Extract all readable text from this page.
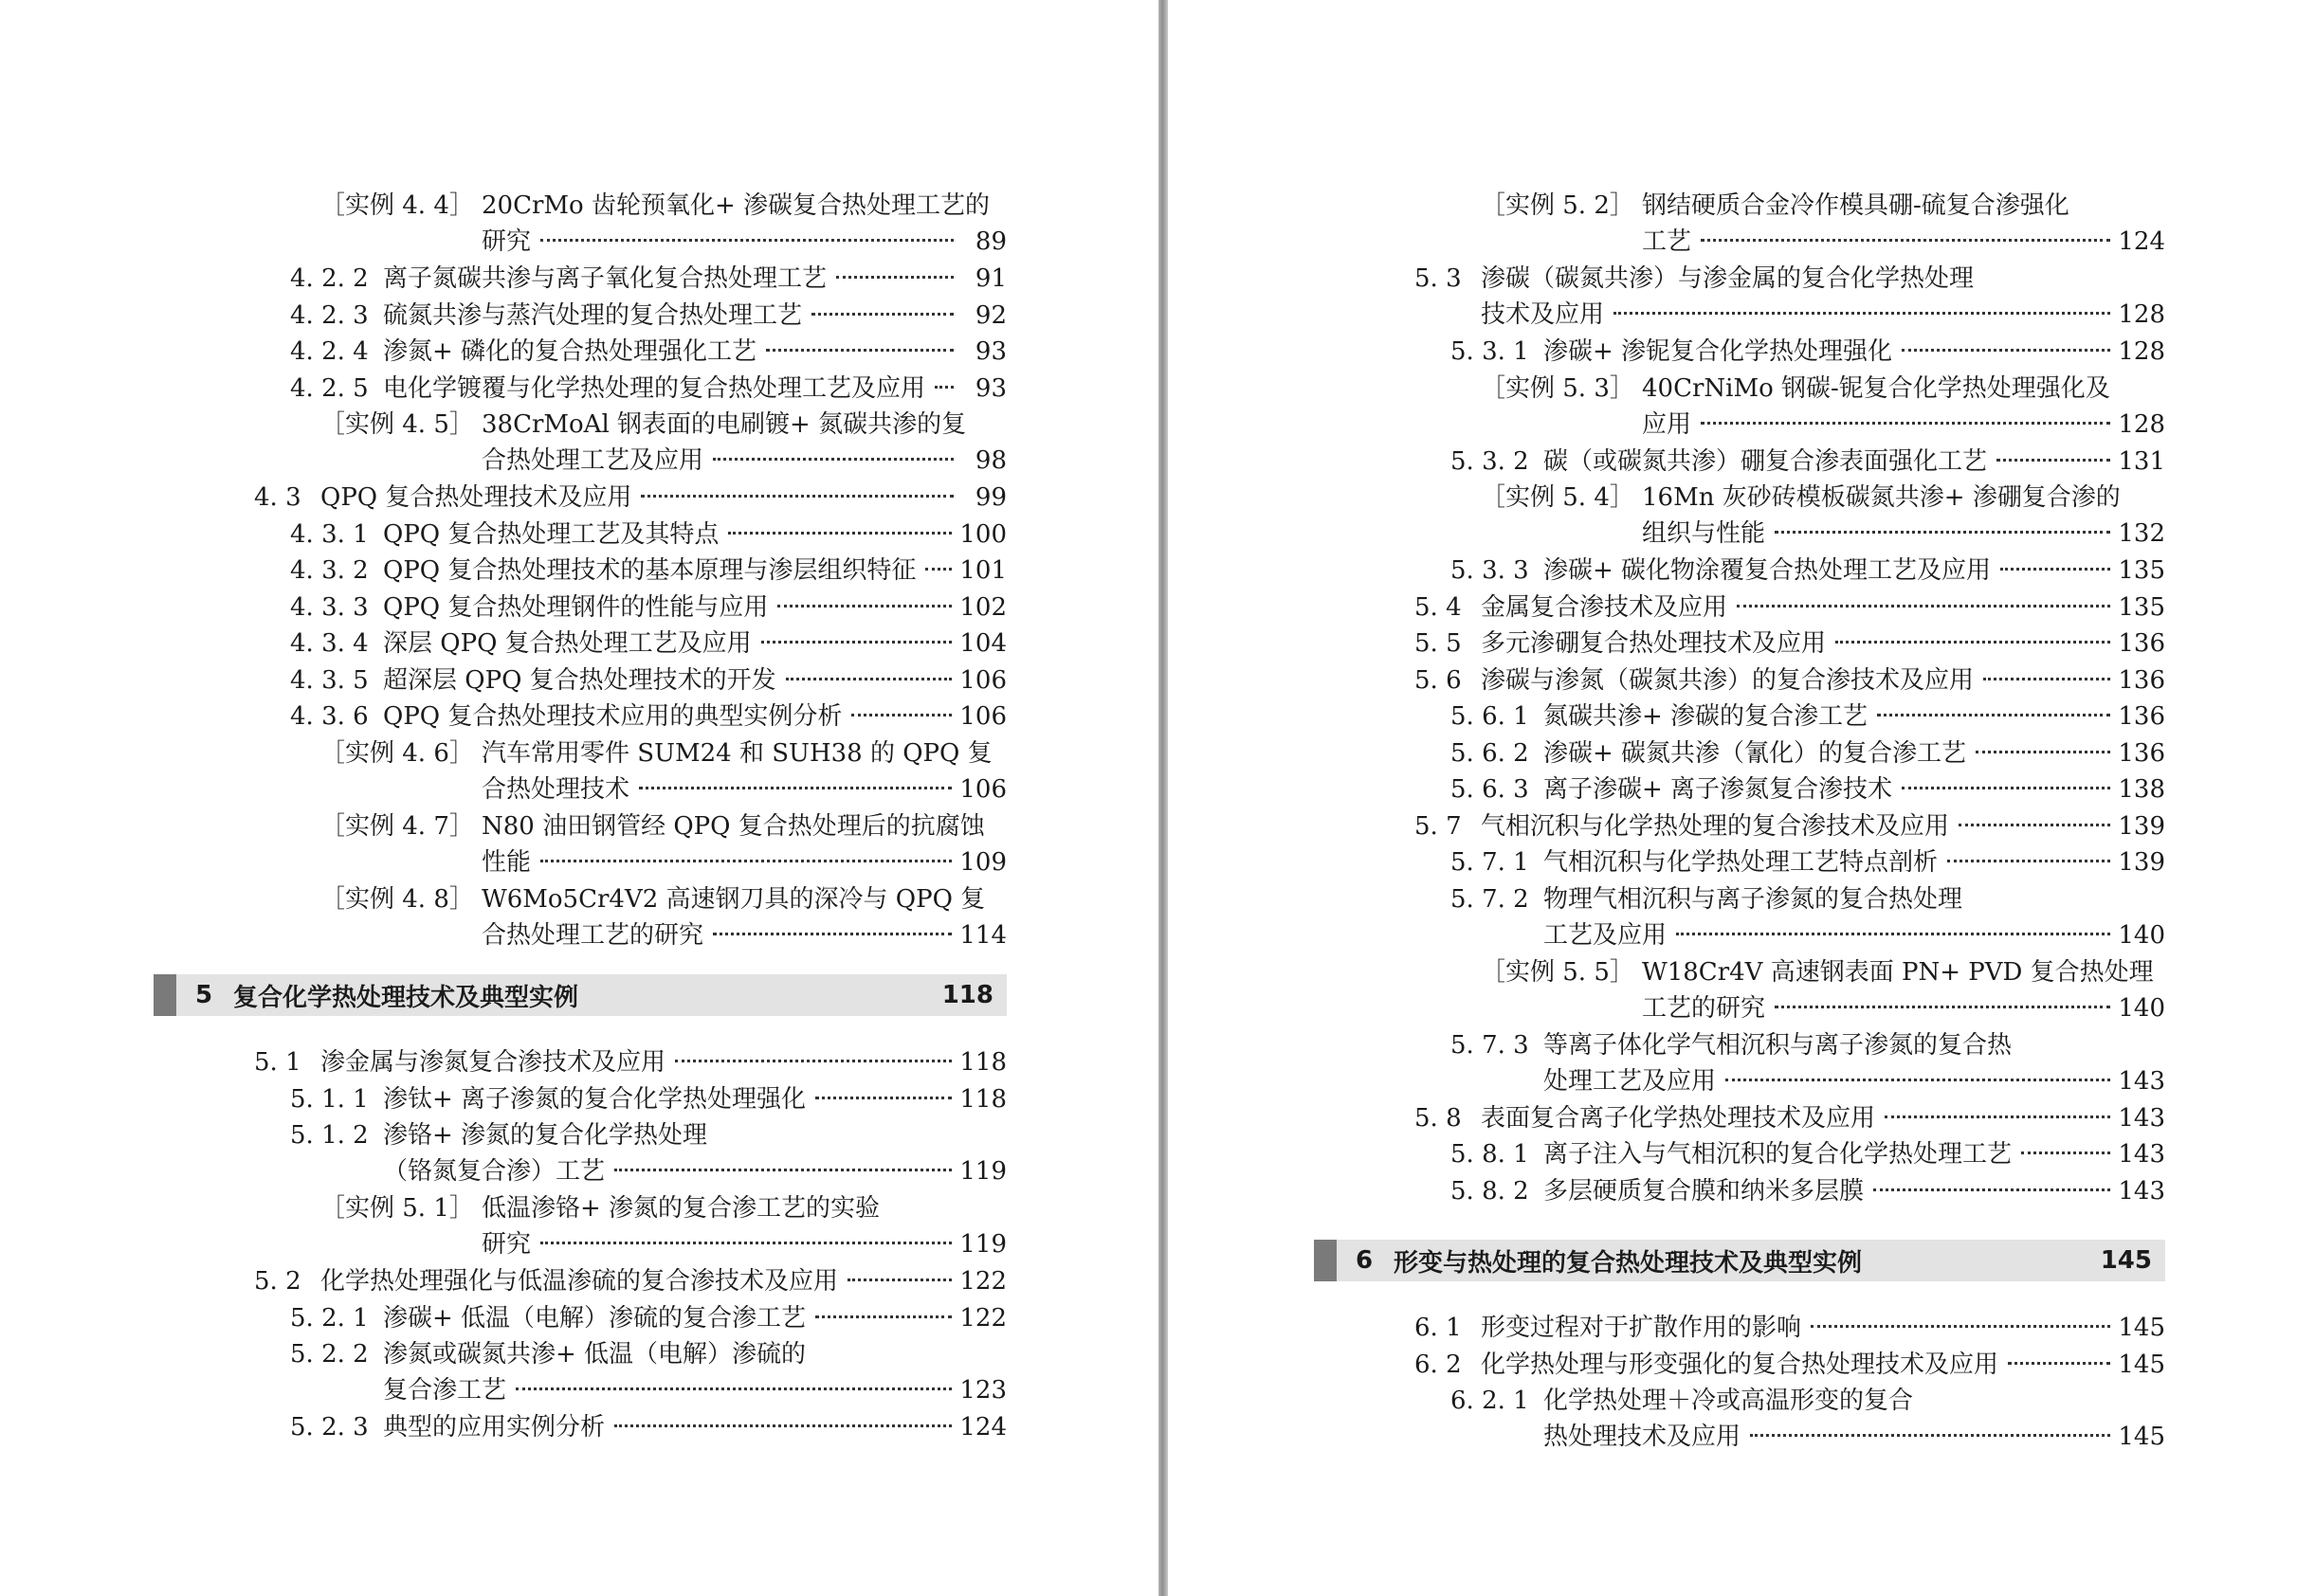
［实例 4. 4］ 20CrMo 齿轮预氧化+ 渗碳复合热处理工艺的
研究	89
4. 2. 2 离子氮碳共渗与离子氧化复合热处理工艺	91
4. 2. 3 硫氮共渗与蒸汽处理的复合热处理工艺	92
4. 2. 4 渗氮+ 磷化的复合热处理强化工艺	93
4. 2. 5 电化学镀覆与化学热处理的复合热处理工艺及应用	93
［实例 4. 5］ 38CrMoAl 钢表面的电刷镀+ 氮碳共渗的复
合热处理工艺及应用	98
4. 3 QPQ 复合热处理技术及应用	99
4. 3. 1 QPQ 复合热处理工艺及其特点	100
4. 3. 2 QPQ 复合热处理技术的基本原理与渗层组织特征 101
4. 3. 3 QPQ 复合热处理钢件的性能与应用	102
4. 3. 4 深层 QPQ 复合热处理工艺及应用	104
4. 3. 5 超深层 QPQ 复合热处理技术的开发	106
4. 3. 6 QPQ 复合热处理技术应用的典型实例分析	106
［实例 4. 6］ 汽车常用零件 SUM24 和 SUH38 的 QPQ 复
合热处理技术	106
［实例 4. 7］ N80 油田钢管经 QPQ 复合热处理后的抗腐蚀
性能	109
［实例 4. 8］ W6Mo5Cr4V2 高速钢刀具的深冷与 QPQ 复
合热处理工艺的研究	114
5 复合化学热处理技术及典型实例	118
5. 1 渗金属与渗氮复合渗技术及应用	118
5. 1. 1 渗钛+ 离子渗氮的复合化学热处理强化	118
5. 1. 2 渗铬+ 渗氮的复合化学热处理
（铬氮复合渗）工艺	119
［实例 5. 1］ 低温渗铬+ 渗氮的复合渗工艺的实验
研究	119
5. 2 化学热处理强化与低温渗硫的复合渗技术及应用	122
5. 2. 1 渗碳+ 低温（电解）渗硫的复合渗工艺	122
5. 2. 2 渗氮或碳氮共渗+ 低温（电解）渗硫的
复合渗工艺	123
5. 2. 3 典型的应用实例分析	124
［实例 5. 2］ 钢结硬质合金冷作模具硼-硫复合渗强化
工艺	124
5. 3 渗碳（碳氮共渗）与渗金属的复合化学热处理
技术及应用	128
5. 3. 1 渗碳+ 渗铌复合化学热处理强化	128
［实例 5. 3］ 40CrNiMo 钢碳-铌复合化学热处理强化及
应用	128
5. 3. 2 碳（或碳氮共渗）硼复合渗表面强化工艺	131
［实例 5. 4］ 16Mn 灰砂砖模板碳氮共渗+ 渗硼复合渗的
组织与性能	132
5. 3. 3 渗碳+ 碳化物涂覆复合热处理工艺及应用	135
5. 4 金属复合渗技术及应用	135
5. 5 多元渗硼复合热处理技术及应用	136
5. 6 渗碳与渗氮（碳氮共渗）的复合渗技术及应用	136
5. 6. 1 氮碳共渗+ 渗碳的复合渗工艺	136
5. 6. 2 渗碳+ 碳氮共渗（氰化）的复合渗工艺	136
5. 6. 3 离子渗碳+ 离子渗氮复合渗技术	138
5. 7 气相沉积与化学热处理的复合渗技术及应用	139
5. 7. 1 气相沉积与化学热处理工艺特点剖析	139
5. 7. 2 物理气相沉积与离子渗氮的复合热处理
工艺及应用	140
［实例 5. 5］ W18Cr4V 高速钢表面 PN+ PVD 复合热处理
工艺的研究	140
5. 7. 3 等离子体化学气相沉积与离子渗氮的复合热
处理工艺及应用	143
5. 8 表面复合离子化学热处理技术及应用	143
5. 8. 1 离子注入与气相沉积的复合化学热处理工艺	143
5. 8. 2 多层硬质复合膜和纳米多层膜	143
6 形变与热处理的复合热处理技术及典型实例	145
6. 1 形变过程对于扩散作用的影响	145
6. 2 化学热处理与形变强化的复合热处理技术及应用	145
6. 2. 1 化学热处理＋冷或高温形变的复合
热处理技术及应用	145
